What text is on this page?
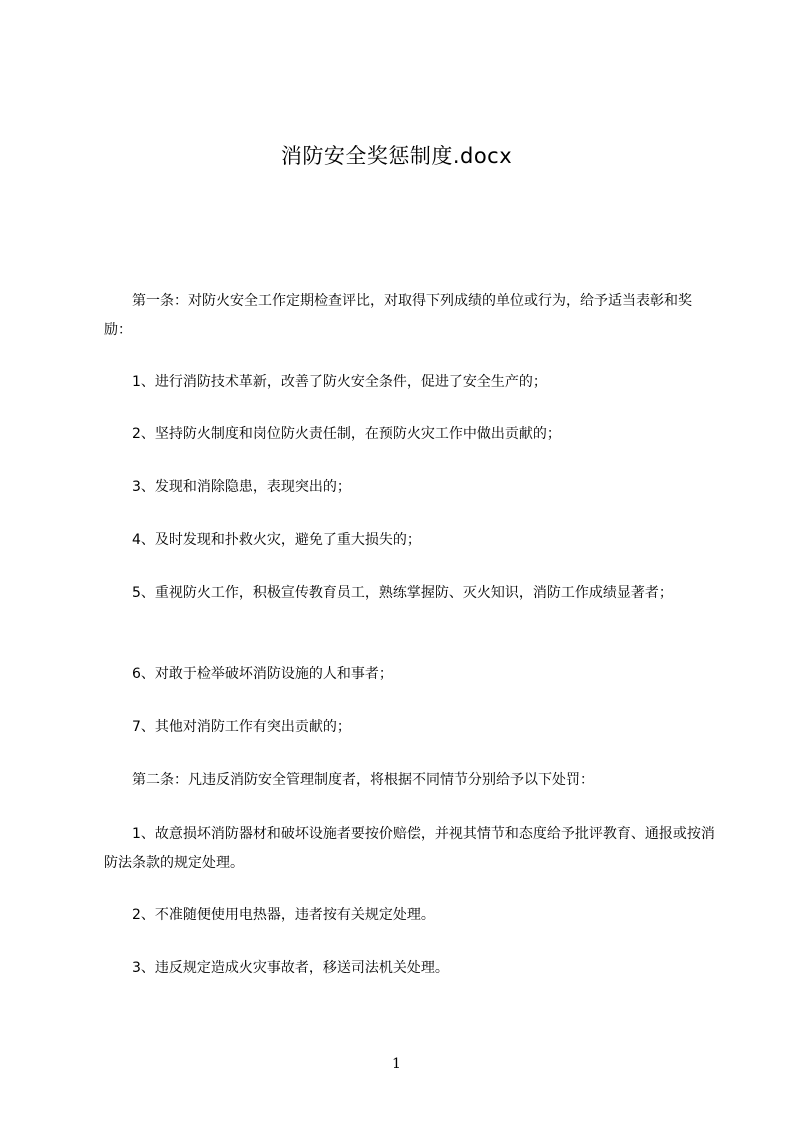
消防安全奖惩制度.docx

　　第一条：对防火安全工作定期检查评比，对取得下列成绩的单位或行为，给予适当表彰和奖励：

　　1、进行消防技术革新，改善了防火安全条件，促进了安全生产的；

　　2、坚持防火制度和岗位防火责任制，在预防火灾工作中做出贡献的；

　　3、发现和消除隐患，表现突出的；

　　4、及时发现和扑救火灾，避免了重大损失的；

　　5、重视防火工作，积极宣传教育员工，熟练掌握防、灭火知识，消防工作成绩显著者；

　　6、对敢于检举破坏消防设施的人和事者；

　　7、其他对消防工作有突出贡献的；

　　第二条：凡违反消防安全管理制度者，将根据不同情节分别给予以下处罚：

　　1、故意损坏消防器材和破坏设施者要按价赔偿，并视其情节和态度给予批评教育、通报或按消防法条款的规定处理。

　　2、不准随便使用电热器，违者按有关规定处理。

　　3、违反规定造成火灾事故者，移送司法机关处理。

1
